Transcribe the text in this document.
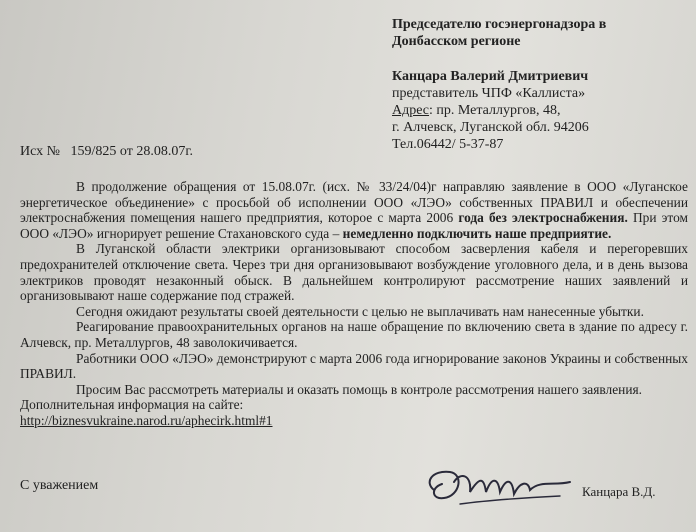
Председателю госэнергонадзора в
Донбасском регионе
Канцара Валерий Дмитриевич
представитель ЧПФ «Каллиста»
Адрес: пр. Металлургов, 48,
г. Алчевск, Луганской обл. 94206
Тел.06442/ 5-37-87
Исх №   159/825 от 28.08.07г.

В продолжение обращения от 15.08.07г. (исх. № 33/24/04)г направляю заявление в ООО «Луганское энергетическое объединение» с просьбой об исполнении ООО «ЛЭО» собственных ПРАВИЛ и обеспечении электроснабжения помещения нашего предприятия, которое с марта 2006 года без электроснабжения. При этом ООО «ЛЭО» игнорирует решение Стахановского суда – немедленно подключить наше предприятие.

В Луганской области электрики организовывают способом засверления кабеля и перегоревших предохранителей отключение света. Через три дня организовывают возбуждение уголовного дела, и в день вызова электриков проводят незаконный обыск. В дальнейшем контролируют рассмотрение наших заявлений и организовывают наше содержание под стражей.

Сегодня ожидают результаты своей деятельности с целью не выплачивать нам нанесенные убытки.

Реагирование правоохранительных органов на наше обращение по включению света в здание по адресу г. Алчевск, пр. Металлургов, 48 заволокичивается.

Работники ООО «ЛЭО» демонстрируют с марта 2006 года игнорирование законов Украины и собственных ПРАВИЛ.

Просим Вас рассмотреть материалы и оказать помощь в контроле рассмотрения нашего заявления.

Дополнительная информация на сайте:

http://biznesvukraine.narod.ru/aphecirk.html#1

С уважением	Канцара В.Д.
